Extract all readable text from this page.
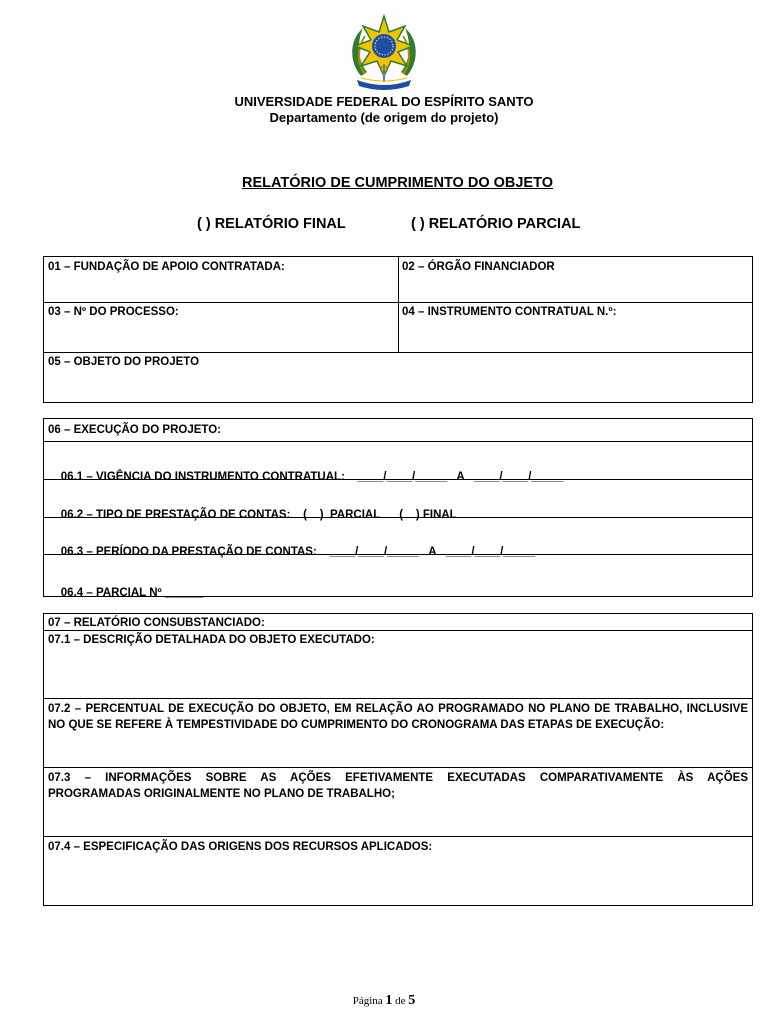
UNIVERSIDADE FEDERAL DO ESPÍRITO SANTO
Departamento (de origem do projeto)
RELATÓRIO DE CUMPRIMENTO DO OBJETO
( ) RELATÓRIO FINAL	( ) RELATÓRIO PARCIAL
01 – FUNDAÇÃO DE APOIO CONTRATADA:	02 – ÓRGÃO FINANCIADOR
03 – Nº DO PROCESSO:	04 – INSTRUMENTO CONTRATUAL N.º:
05 – OBJETO DO PROJETO
06 – EXECUÇÃO DO PROJETO:

06.1 – VIGÊNCIA DO INSTRUMENTO CONTRATUAL:    ____/____/_____   A   ____/____/_____

06.2 – TIPO DE PRESTAÇÃO DE CONTAS:    (    )  PARCIAL      (    ) FINAL

06.3 – PERÍODO DA PRESTAÇÃO DE CONTAS:    ____/____/_____   A   ____/____/_____

06.4 – PARCIAL Nº ______

07 – RELATÓRIO CONSUBSTANCIADO:
07.1 – DESCRIÇÃO DETALHADA DO OBJETO EXECUTADO:
07.2 – PERCENTUAL DE EXECUÇÃO DO OBJETO, EM RELAÇÃO AO PROGRAMADO NO PLANO DE TRABALHO, INCLUSIVE
NO QUE SE REFERE À TEMPESTIVIDADE DO CUMPRIMENTO DO CRONOGRAMA DAS ETAPAS DE EXECUÇÃO:
07.3 – INFORMAÇÕES SOBRE AS AÇÕES EFETIVAMENTE EXECUTADAS COMPARATIVAMENTE ÀS AÇÕES
PROGRAMADAS ORIGINALMENTE NO PLANO DE TRABALHO;
07.4 – ESPECIFICAÇÃO DAS ORIGENS DOS RECURSOS APLICADOS:
Página 1 de 5
